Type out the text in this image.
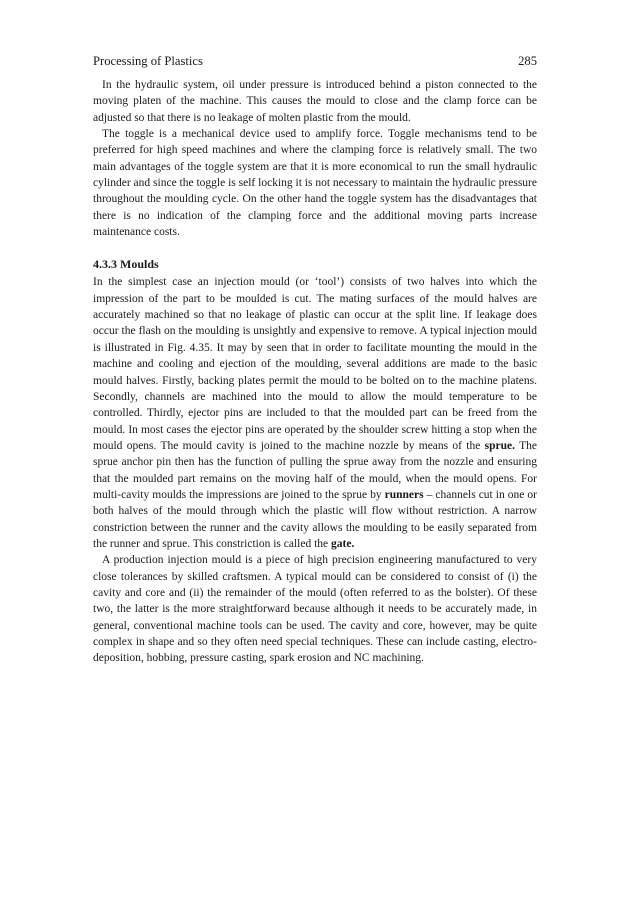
Processing of Plastics	285

In the hydraulic system, oil under pressure is introduced behind a piston connected to the moving platen of the machine. This causes the mould to close and the clamp force can be adjusted so that there is no leakage of molten plastic from the mould.

The toggle is a mechanical device used to amplify force. Toggle mechanisms tend to be preferred for high speed machines and where the clamping force is relatively small. The two main advantages of the toggle system are that it is more economical to run the small hydraulic cylinder and since the toggle is self locking it is not necessary to maintain the hydraulic pressure throughout the moulding cycle. On the other hand the toggle system has the disadvantages that there is no indication of the clamping force and the additional moving parts increase maintenance costs.

4.3.3 Moulds

In the simplest case an injection mould (or ‘tool’) consists of two halves into which the impression of the part to be moulded is cut. The mating surfaces of the mould halves are accurately machined so that no leakage of plastic can occur at the split line. If leakage does occur the flash on the moulding is unsightly and expensive to remove. A typical injection mould is illustrated in Fig. 4.35. It may by seen that in order to facilitate mounting the mould in the machine and cooling and ejection of the moulding, several additions are made to the basic mould halves. Firstly, backing plates permit the mould to be bolted on to the machine platens. Secondly, channels are machined into the mould to allow the mould temperature to be controlled. Thirdly, ejector pins are included to that the moulded part can be freed from the mould. In most cases the ejector pins are operated by the shoulder screw hitting a stop when the mould opens. The mould cavity is joined to the machine nozzle by means of the sprue. The sprue anchor pin then has the function of pulling the sprue away from the nozzle and ensuring that the moulded part remains on the moving half of the mould, when the mould opens. For multi-cavity moulds the impressions are joined to the sprue by runners – channels cut in one or both halves of the mould through which the plastic will flow without restriction. A narrow constriction between the runner and the cavity allows the moulding to be easily separated from the runner and sprue. This constriction is called the gate.

A production injection mould is a piece of high precision engineering manufactured to very close tolerances by skilled craftsmen. A typical mould can be considered to consist of (i) the cavity and core and (ii) the remainder of the mould (often referred to as the bolster). Of these two, the latter is the more straightforward because although it needs to be accurately made, in general, conventional machine tools can be used. The cavity and core, however, may be quite complex in shape and so they often need special techniques. These can include casting, electro-deposition, hobbing, pressure casting, spark erosion and NC machining.
